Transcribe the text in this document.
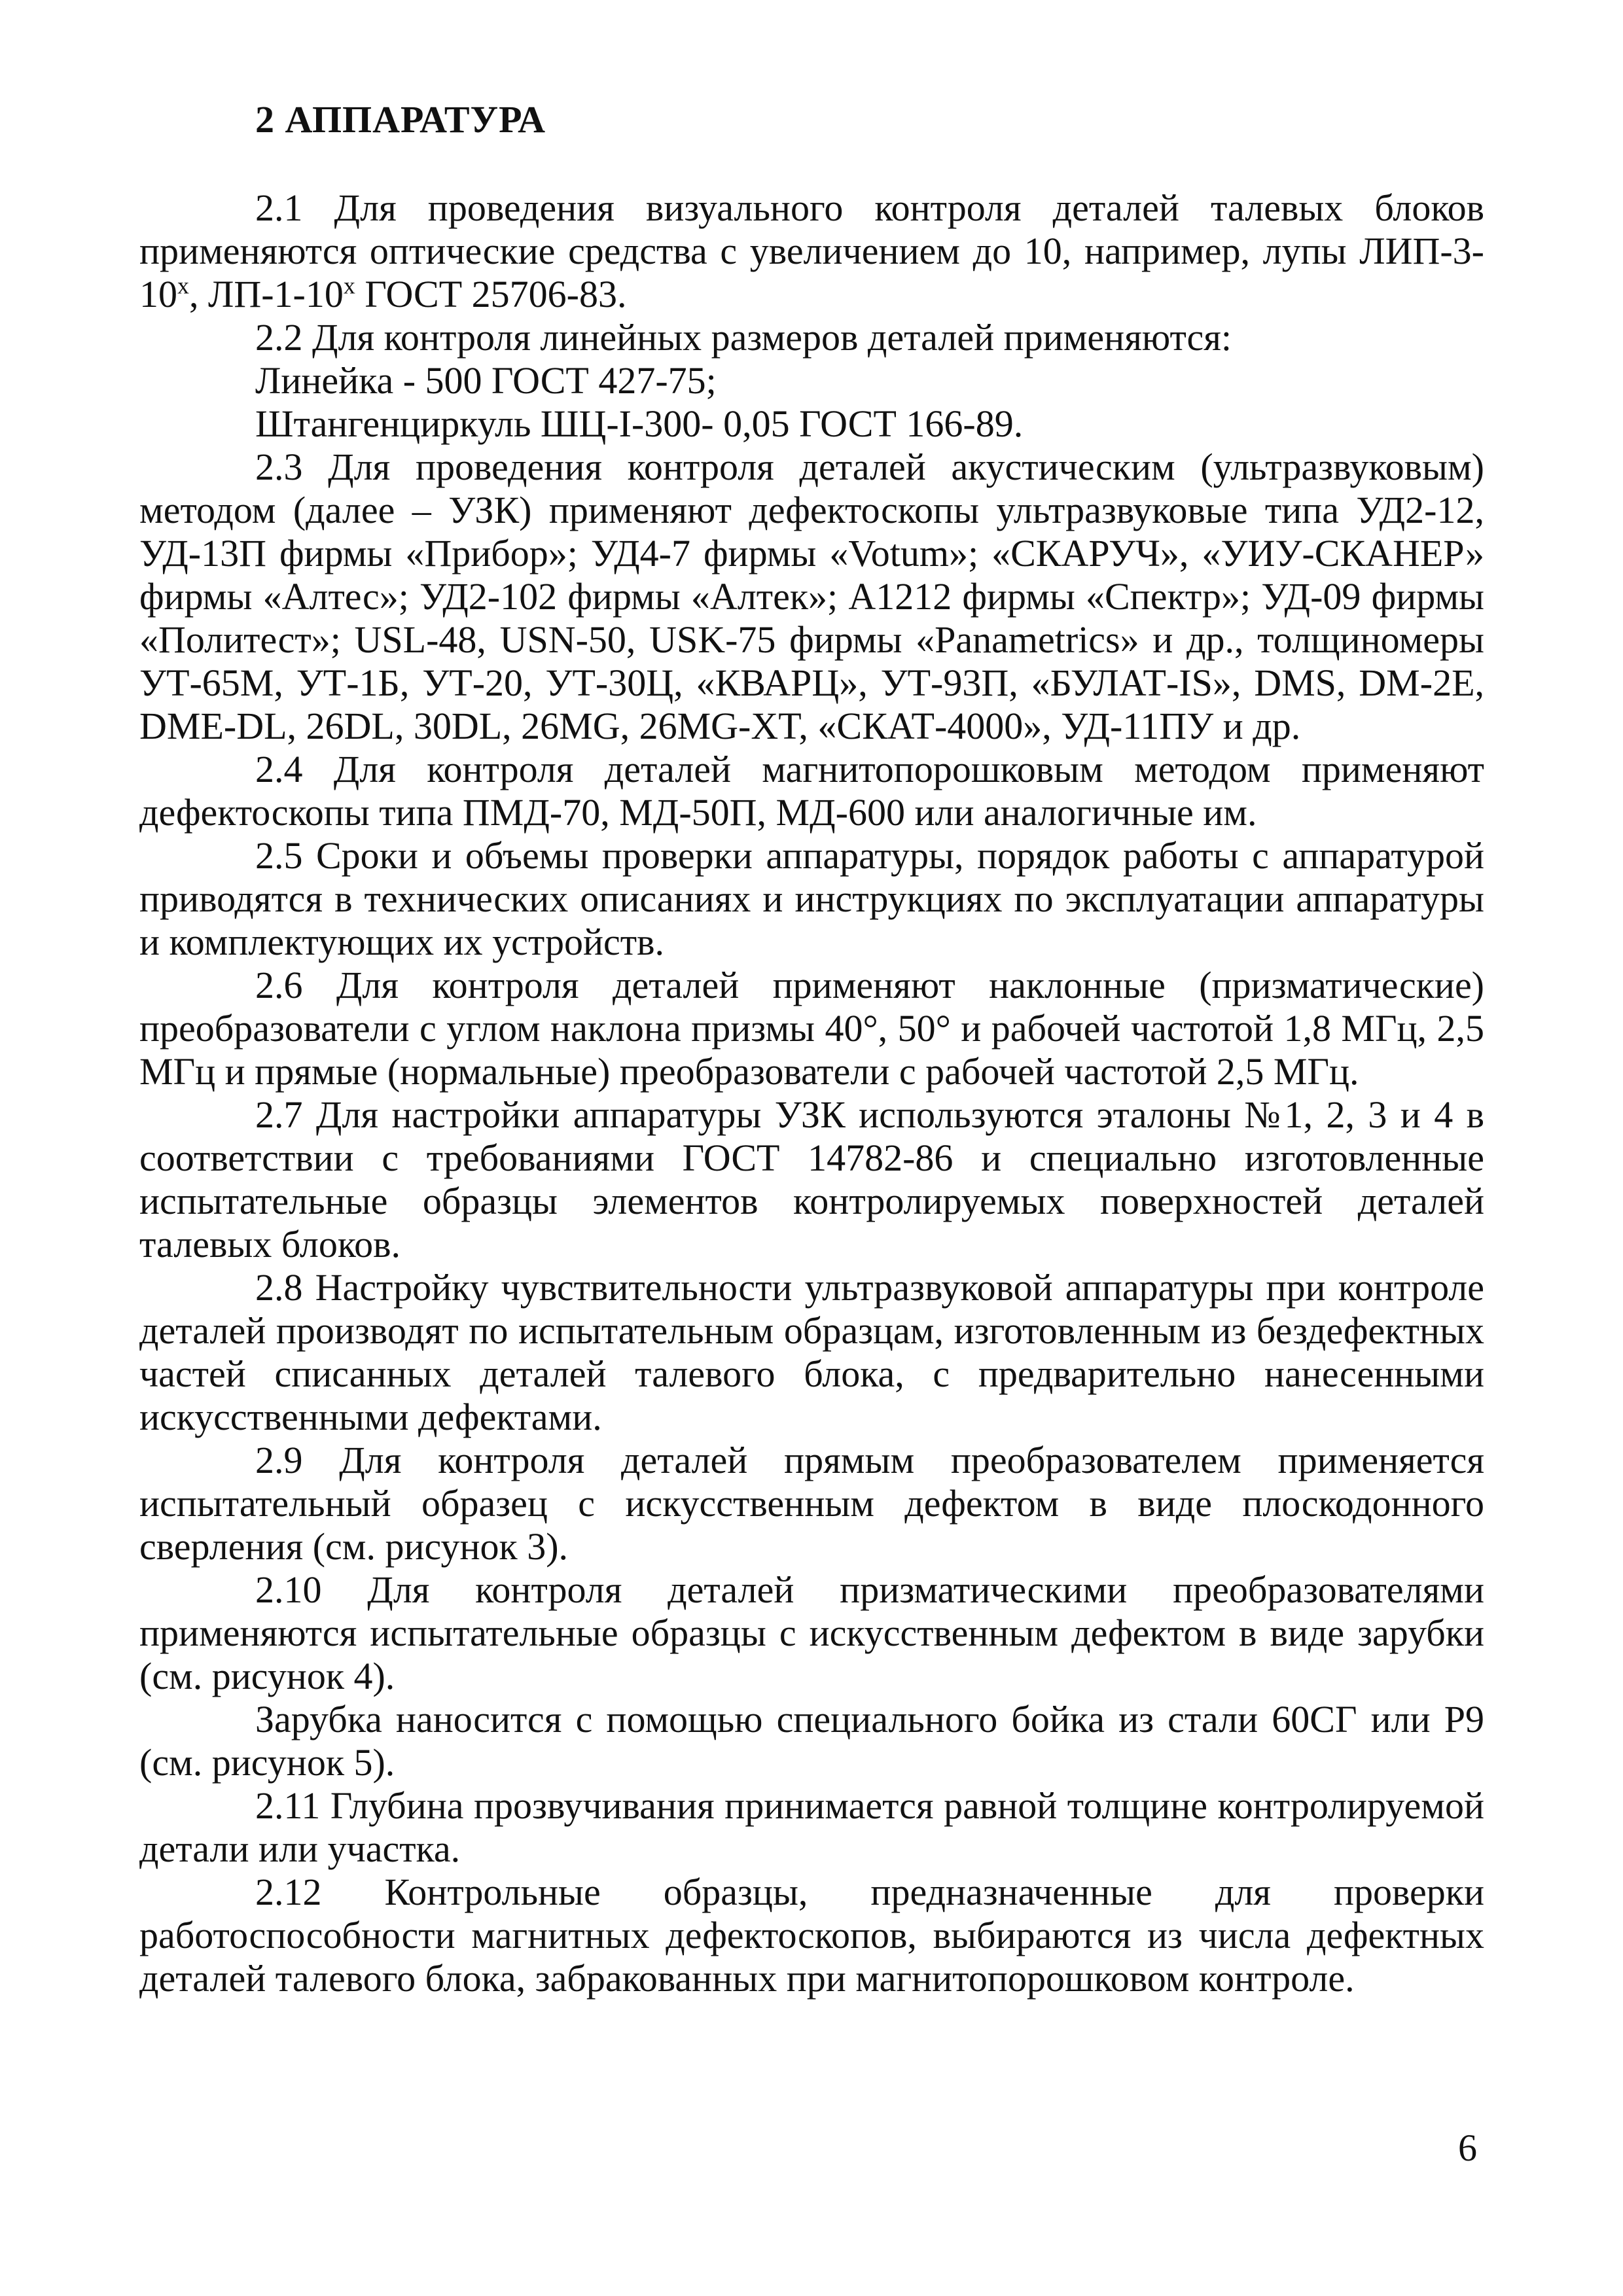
2 АППАРАТУРА

2.1 Для проведения визуального контроля деталей талевых блоков применяются оптические средства с увеличением до 10, например, лупы ЛИП-$3-10^х$, $ЛП-1-10^х$ ГОСТ 25706-83.

2.2 Для контроля линейных размеров деталей применяются:

Линейка - 500 ГОСТ 427-75;

Штангенциркуль ШЦ-I-300- 0,05 ГОСТ 166-89.

2.3 Для проведения контроля деталей акустическим (ультразвуковым) методом (далее – УЗК) применяют дефектоскопы ультразвуковые типа УД2-12, УД-13П фирмы «Прибор»; УД4-7 фирмы «Votum»; «СКАРУЧ», «УИУ-СКАНЕР» фирмы «Алтес»; УД2-102 фирмы «Алтек»; А1212 фирмы «Спектр»; УД-09 фирмы «Политест»; USL-48, USN-50, USK-75 фирмы «Panametrics» и др., толщиномеры УТ-65М, УТ-1Б, УТ-20, УТ-30Ц, «КВАРЦ», УТ-93П, «БУЛАТ-IS», DMS, DM-2E, DME-DL, 26DL, 30DL, 26MG, 26MG-XT, «СКАТ-4000», УД-11ПУ и др.

2.4 Для контроля деталей магнитопорошковым методом применяют дефектоскопы типа ПМД-70, МД-50П, МД-600 или аналогичные им.

2.5 Сроки и объемы проверки аппаратуры, порядок работы с аппаратурой приводятся в технических описаниях и инструкциях по эксплуатации аппаратуры и комплектующих их устройств.

2.6 Для контроля деталей применяют наклонные (призматические) преобразователи с углом наклона призмы 40°, 50° и рабочей частотой 1,8 МГц, 2,5 МГц и прямые (нормальные) преобразователи с рабочей частотой 2,5 МГц.

2.7 Для настройки аппаратуры УЗК используются эталоны №1, 2, 3 и 4 в соответствии с требованиями ГОСТ 14782-86 и специально изготовленные испытательные образцы элементов контролируемых поверхностей деталей талевых блоков.

2.8 Настройку чувствительности ультразвуковой аппаратуры при контроле деталей производят по испытательным образцам, изготовленным из бездефектных частей списанных деталей талевого блока, с предварительно нанесенными искусственными дефектами.

2.9 Для контроля деталей прямым преобразователем применяется испытательный образец с искусственным дефектом в виде плоскодонного сверления (см. рисунок 3).

2.10 Для контроля деталей призматическими преобразователями применяются испытательные образцы с искусственным дефектом в виде зарубки (см. рисунок 4).

Зарубка наносится с помощью специального бойка из стали 60СГ или Р9 (см. рисунок 5).

2.11 Глубина прозвучивания принимается равной толщине контролируемой детали или участка.

2.12 Контрольные образцы, предназначенные для проверки работоспособности магнитных дефектоскопов, выбираются из числа дефектных деталей талевого блока, забракованных при магнитопорошковом контроле.

6
